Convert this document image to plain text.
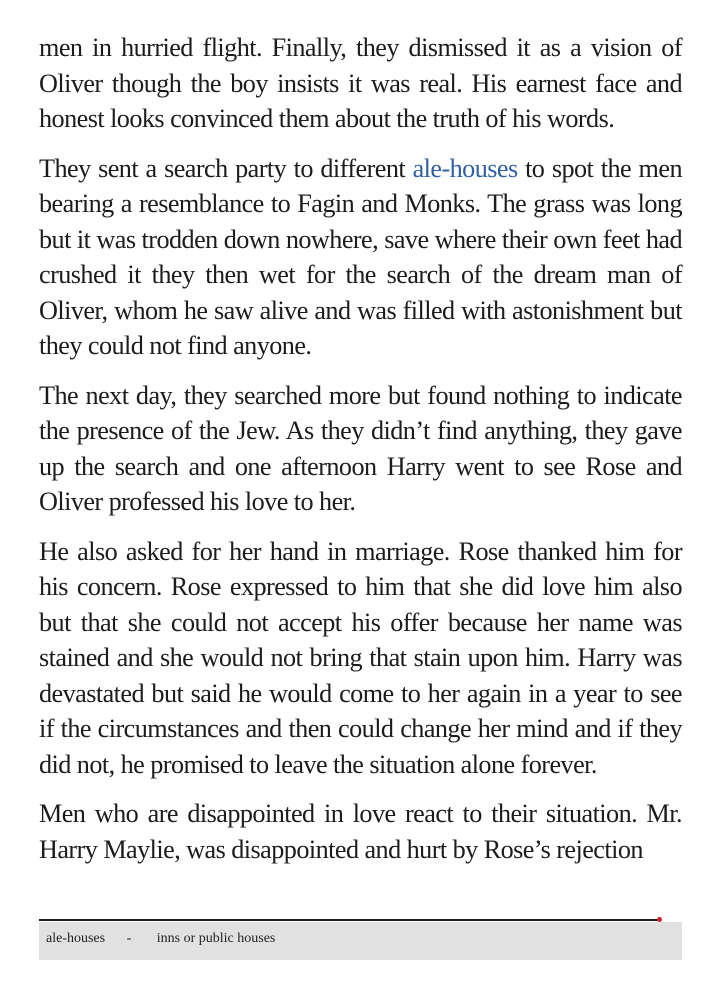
men in hurried flight. Finally, they dismissed it as a vision of Oliver though the boy insists it was real. His earnest face and honest looks convinced them about the truth of his words.

They sent a search party to different ale-houses to spot the men bearing a resemblance to Fagin and Monks. The grass was long but it was trodden down nowhere, save where their own feet had crushed it they then wet for the search of the dream man of Oliver, whom he saw alive and was filled with astonishment but they could not find anyone.

The next day, they searched more but found nothing to indicate the presence of the Jew. As they didn’t find anything, they gave up the search and one afternoon Harry went to see Rose and Oliver professed his love to her.

He also asked for her hand in marriage. Rose thanked him for his concern. Rose expressed to him that she did love him also but that she could not accept his offer because her name was stained and she would not bring that stain upon him. Harry was devastated but said he would come to her again in a year to see if the circumstances and then could change her mind and if they did not, he promised to leave the situation alone forever.

Men who are disappointed in love react to their situation. Mr. Harry Maylie, was disappointed and hurt by Rose’s rejection

ale-houses - inns or public houses
